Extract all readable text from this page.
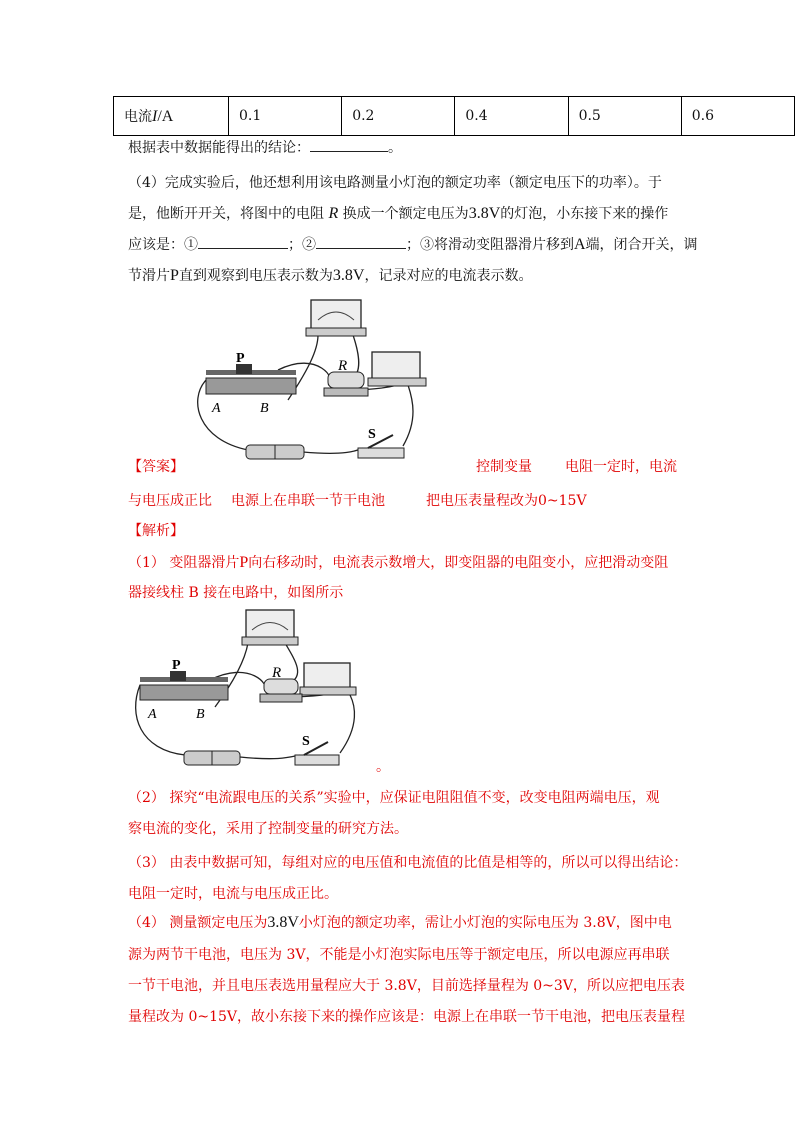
电流I/A	0.1	0.2	0.4	0.5	0.6
根据表中数据能得出的结论：	。
（4）完成实验后，他还想利用该电路测量小灯泡的额定功率（额定电压下的功率）。于
是，他断开开关，将图中的电阻 R 换成一个额定电压为3.8V的灯泡，小东接下来的操作
应该是：①	；②	；③将滑动变阻器滑片移到A端，闭合开关，调
节滑片P直到观察到电压表示数为3.8V，记录对应的电流表示数。
R
P
A	B
S
【答案】	控制变量 电阻一定时，电流
与电压成正比 电源上在串联一节干电池	把电压表量程改为0~15V
【解析】
（1） 变阻器滑片P向右移动时，电流表示数增大，即变阻器的电阻变小，应把滑动变阻
器接线柱 B 接在电路中，如图所示
R
P
A	B
S
。
（2） 探究“电流跟电压的关系”实验中，应保证电阻阻值不变，改变电阻两端电压，观
察电流的变化，采用了控制变量的研究方法。
（3） 由表中数据可知，每组对应的电压值和电流值的比值是相等的，所以可以得出结论：
电阻一定时，电流与电压成正比。
（4） 测量额定电压为3.8V小灯泡的额定功率，需让小灯泡的实际电压为 3.8V，图中电
源为两节干电池，电压为 3V，不能是小灯泡实际电压等于额定电压，所以电源应再串联
一节干电池，并且电压表选用量程应大于 3.8V，目前选择量程为 0~3V，所以应把电压表
量程改为 0~15V，故小东接下来的操作应该是：电源上在串联一节干电池，把电压表量程
